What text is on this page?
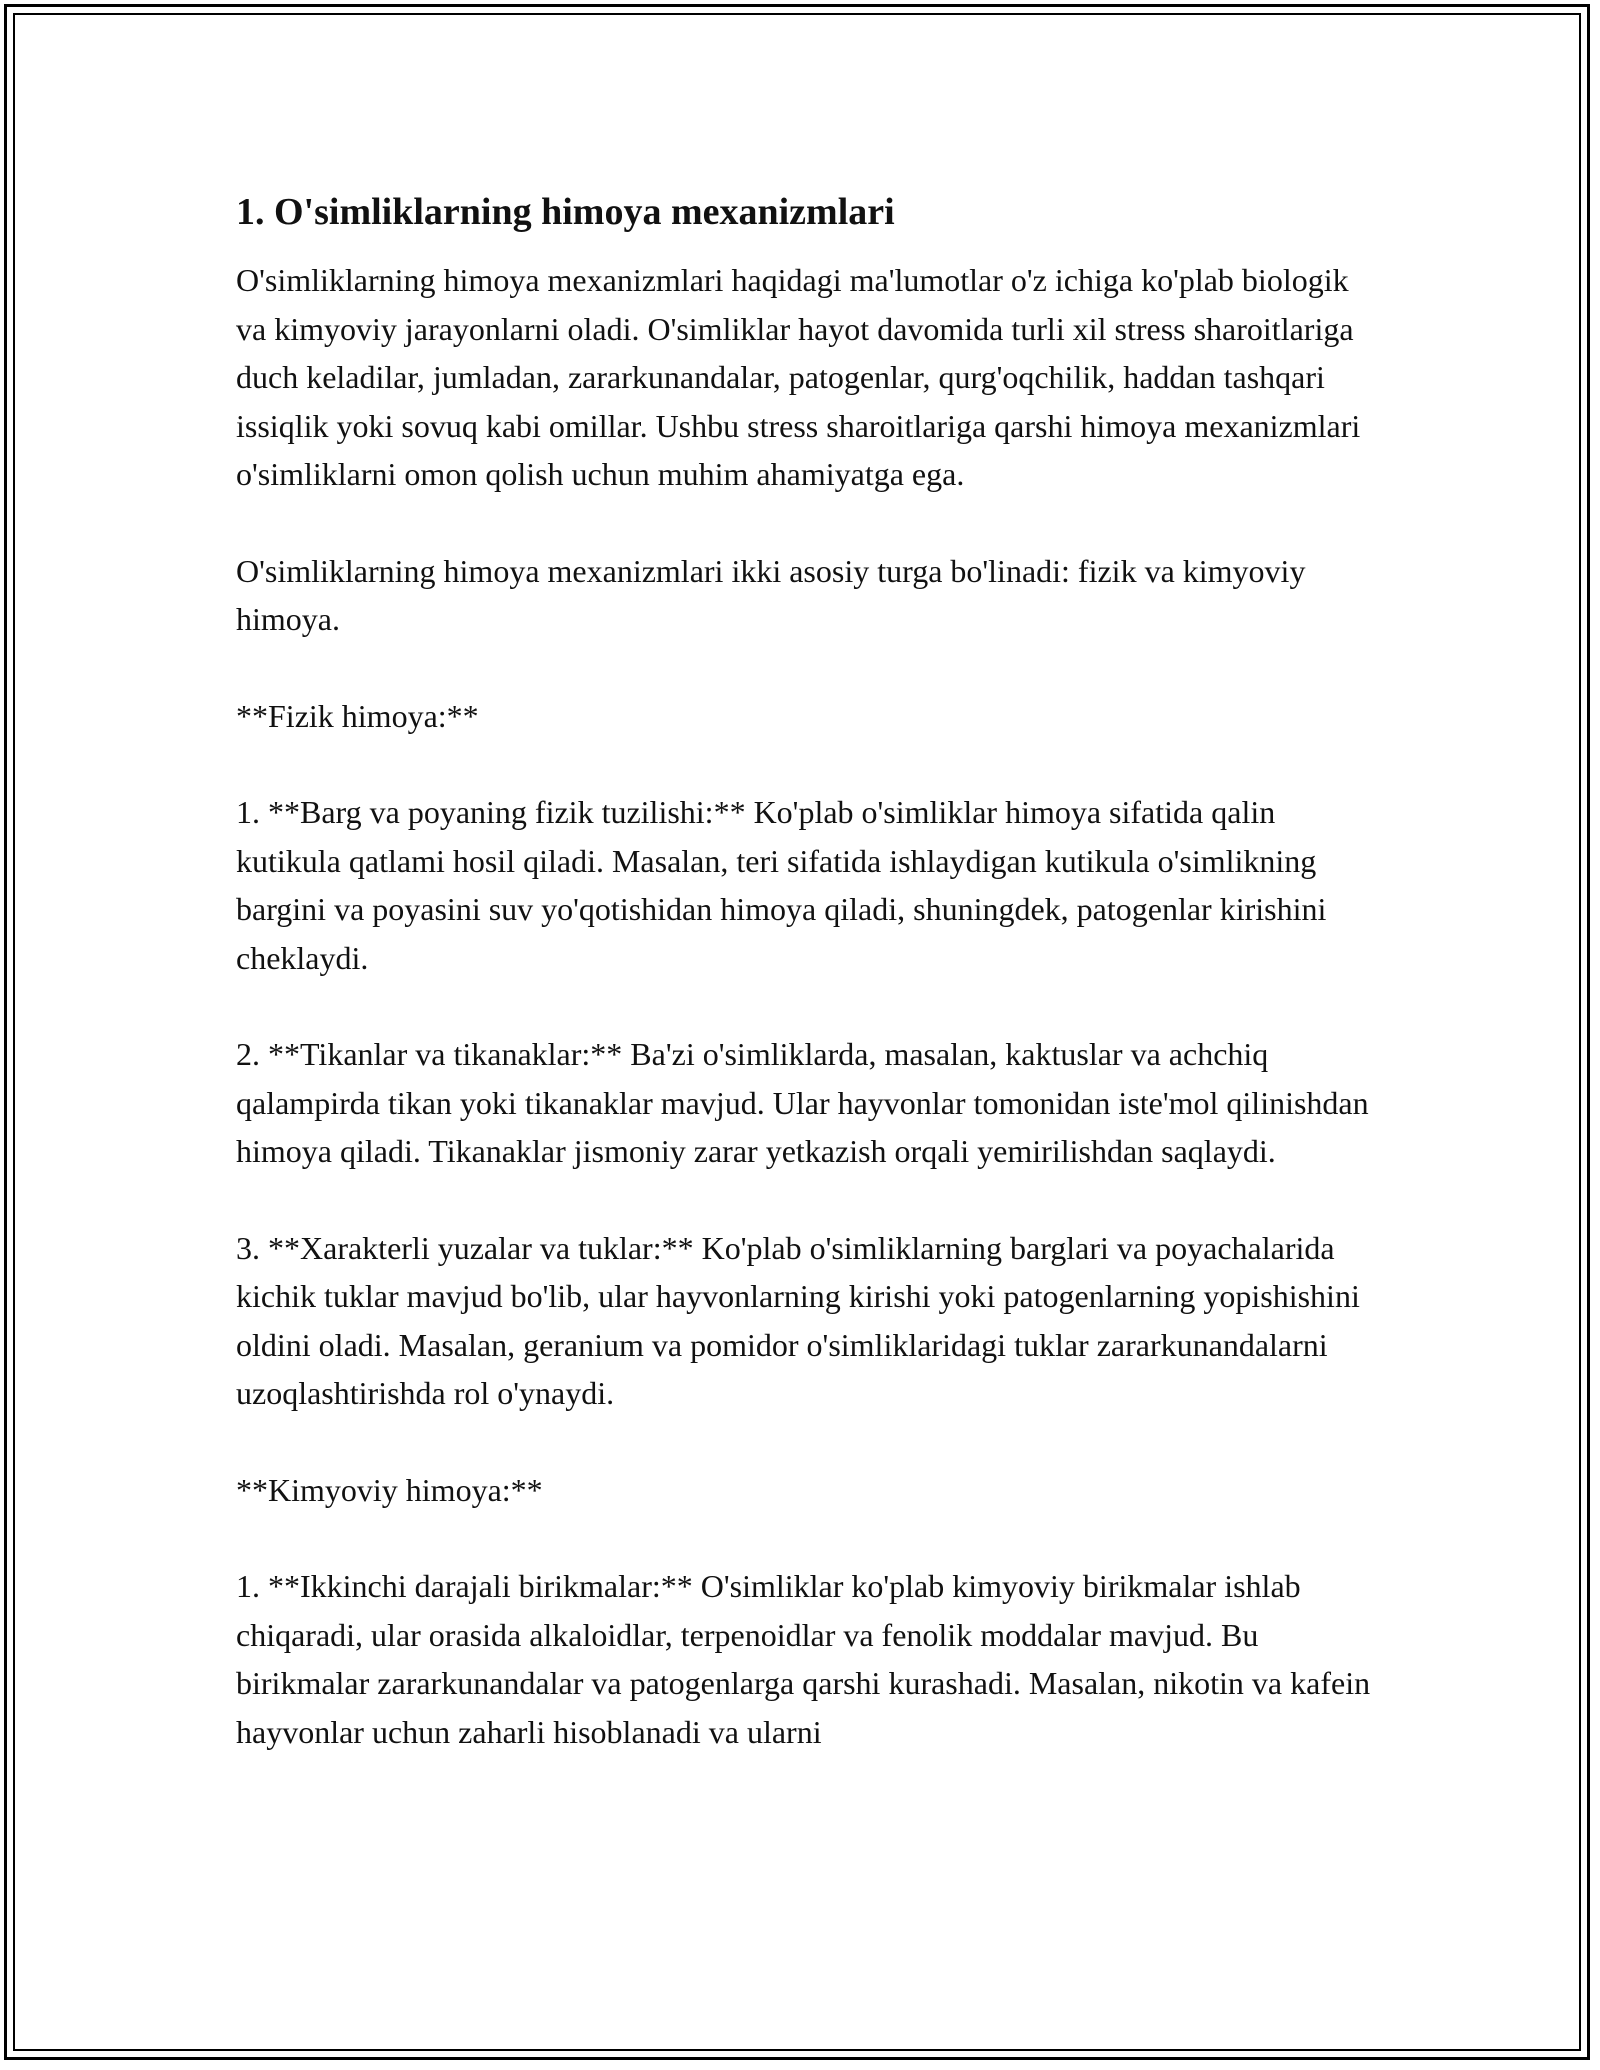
1. O'simliklarning himoya mexanizmlari

O'simliklarning himoya mexanizmlari haqidagi ma'lumotlar o'z ichiga ko'plab biologik va kimyoviy jarayonlarni oladi. O'simliklar hayot davomida turli xil stress sharoitlariga duch keladilar, jumladan, zararkunandalar, patogenlar, qurg'oqchilik, haddan tashqari issiqlik yoki sovuq kabi omillar. Ushbu stress sharoitlariga qarshi himoya mexanizmlari o'simliklarni omon qolish uchun muhim ahamiyatga ega.

O'simliklarning himoya mexanizmlari ikki asosiy turga bo'linadi: fizik va kimyoviy himoya.

**Fizik himoya:**

1. **Barg va poyaning fizik tuzilishi:** Ko'plab o'simliklar himoya sifatida qalin kutikula qatlami hosil qiladi. Masalan, teri sifatida ishlaydigan kutikula o'simlikning bargini va poyasini suv yo'qotishidan himoya qiladi, shuningdek, patogenlar kirishini cheklaydi.

2. **Tikanlar va tikanaklar:** Ba'zi o'simliklarda, masalan, kaktuslar va achchiq qalampirda tikan yoki tikanaklar mavjud. Ular hayvonlar tomonidan iste'mol qilinishdan himoya qiladi. Tikanaklar jismoniy zarar yetkazish orqali yemirilishdan saqlaydi.

3. **Xarakterli yuzalar va tuklar:** Ko'plab o'simliklarning barglari va poyachalarida kichik tuklar mavjud bo'lib, ular hayvonlarning kirishi yoki patogenlarning yopishishini oldini oladi. Masalan, geranium va pomidor o'simliklaridagi tuklar zararkunandalarni uzoqlashtirishda rol o'ynaydi.

**Kimyoviy himoya:**

1. **Ikkinchi darajali birikmalar:** O'simliklar ko'plab kimyoviy birikmalar ishlab chiqaradi, ular orasida alkaloidlar, terpenoidlar va fenolik moddalar mavjud. Bu birikmalar zararkunandalar va patogenlarga qarshi kurashadi. Masalan, nikotin va kafein hayvonlar uchun zaharli hisoblanadi va ularni
